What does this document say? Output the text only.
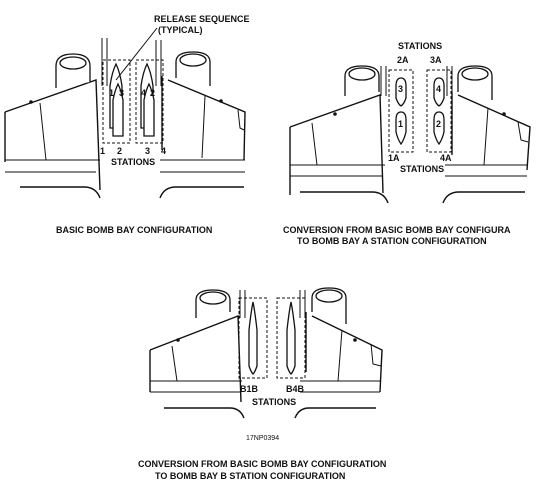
RELEASE SEQUENCE
(TYPICAL)
1 3 4 2
1 2	3 4
STATIONS
BASIC BOMB BAY CONFIGURATION
STATIONS
2A 3A
3
1
4
2
1A	4A
STATIONS
CONVERSION FROM BASIC BOMB BAY CONFIGURA
TO BOMB BAY A STATION CONFIGURATION
B1B	B4B
STATIONS
17NP0394
CONVERSION FROM BASIC BOMB BAY CONFIGURATION
TO BOMB BAY B STATION CONFIGURATION
